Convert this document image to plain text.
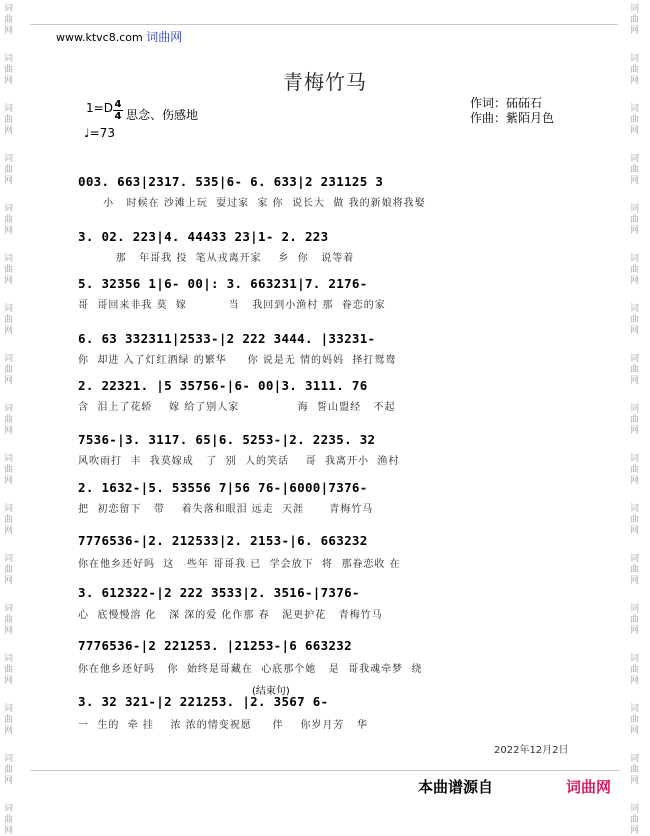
词
曲
网
词
曲
网
词
曲
网
词
曲
网
词
曲
网
词
曲
网
词
曲
网
词
曲
网
词
曲
网
词
曲
网
词
曲
网
词
曲
网
词
曲
网
词
曲
网
词
曲
网
词
曲
网
词
曲
网
词
曲
网
词
曲
网
词
曲
网
词
曲
网
词
曲
网
词
曲
网
词
曲
网
词
曲
网
词
曲
网
词
曲
网
词
曲
网
词
曲
网
词
曲
网
词
曲
网
词
曲
网
词
曲
网
词
曲
网
www.ktvc8.com 词曲网
青梅竹马
1=D 4
4 思念、伤感地
♩=73
作词：砳砳石
作曲：紫陌月色
003. 663|2317. 535|6- 6. 633|2 231125 3
小   时候在 沙滩上玩  耍过家  家 你  说长大  做 我的新娘将我娶
3. 02. 223|4. 44433 23|1- 2. 223
那   年哥我 投  笔从戎离开家    乡  你   说等着
5. 32356 1|6- 00|: 3. 663231|7. 2176-
哥  哥回来非我 莫  嫁          当   我回到小渔村 那  眷恋的家
6. 63 332311|2533-|2 222 3444. |33231-
你  却进 入了灯红酒绿 的繁华     你 说是无 情的妈妈  择打鸳鸯
2. 22321. |5 35756-|6- 00|3. 3111. 76
含  泪上了花轿    嫁 给了别人家              海  誓山盟经   不起
7536-|3. 3117. 65|6. 5253-|2. 2235. 32
风吹雨打  丰  我莫嫁成   了  别  人的笑话    哥  我离开小  渔村
2. 1632-|5. 53556 7|56 76-|6000|7376-
把  初恋留下   带    着失落和眼泪 远走  天涯      青梅竹马
7776536-|2. 212533|2. 2153-|6. 663232
你在他乡还好吗  这   些年 哥哥我 已  学会放下  将  那眷恋收 在
3. 612322-|2 222 3533|2. 3516-|7376-
心  底慢慢溶 化   深 深的爱 化作那 春   泥更护花   青梅竹马
7776536-|2 221253. |21253-|6 663232
你在他乡还好吗   你  始终是哥藏在  心底那个她   是  哥我魂牵梦  绕
(结束句)
3. 32 321-|2 221253. |2. 3567 6-
一  生的  牵 挂    浓 浓的情变祝愿     伴    你岁月芳   华
2022年12月2日
本曲谱源自	词曲网
